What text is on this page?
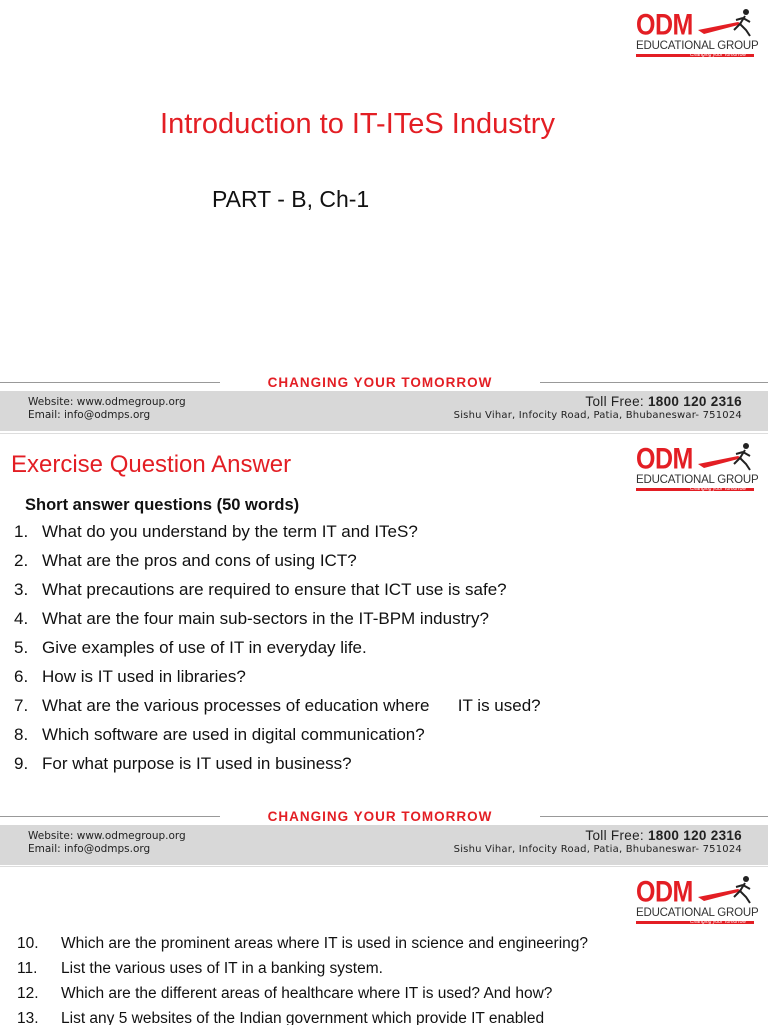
ODM
EDUCATIONAL GROUP
Changing your Tomorrow
Introduction to IT-ITeS Industry
PART - B, Ch-1
CHANGING YOUR TOMORROW
Website: www.odmegroup.org
Email: info@odmps.org
Toll Free: 1800 120 2316
Sishu Vihar, Infocity Road, Patia, Bhubaneswar- 751024
ODM
EDUCATIONAL GROUP
Changing your Tomorrow
Exercise Question Answer
Short answer questions (50 words)
1. What do you understand by the term IT and ITeS?
2. What are the pros and cons of using ICT?
3. What precautions are required to ensure that ICT use is safe?
4. What are the four main sub-sectors in the IT-BPM industry?
5. Give examples of use of IT in everyday life.
6. How is IT used in libraries?
7. What are the various processes of education where      IT is used?
8. Which software are used in digital communication?
9. For what purpose is IT used in business?
CHANGING YOUR TOMORROW
Website: www.odmegroup.org
Email: info@odmps.org
Toll Free: 1800 120 2316
Sishu Vihar, Infocity Road, Patia, Bhubaneswar- 751024
ODM
EDUCATIONAL GROUP
Changing your Tomorrow
10.	Which are the prominent areas where IT is used in science and engineering?
11.	List the various uses of IT in a banking system.
12.	Which are the different areas of healthcare where IT is used? And how?
13.	List any 5 websites of the Indian government which provide IT enabled
